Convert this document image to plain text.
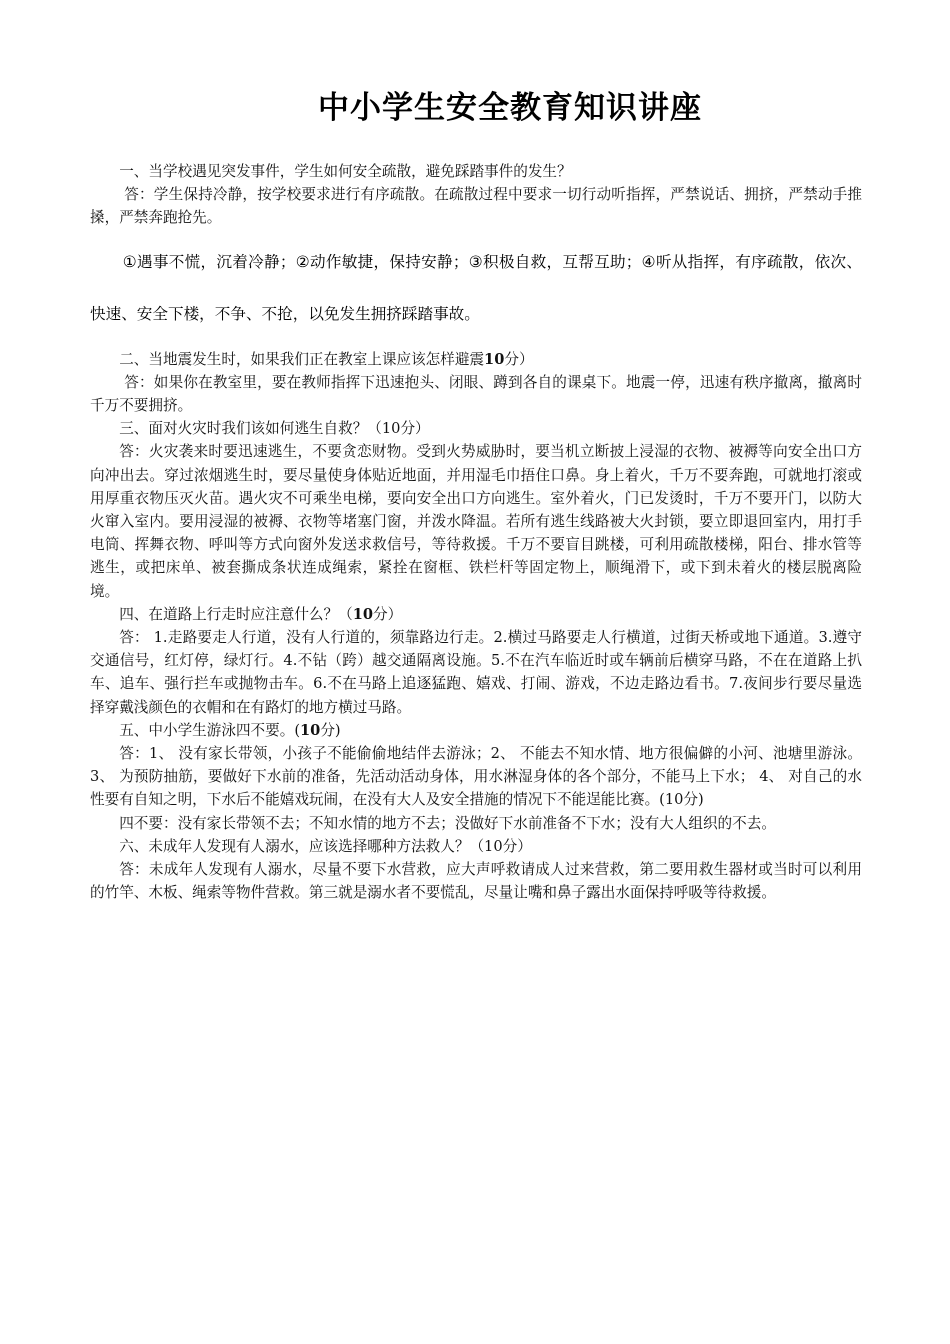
中小学生安全教育知识讲座

一、当学校遇见突发事件，学生如何安全疏散，避免踩踏事件的发生？

答：学生保持冷静，按学校要求进行有序疏散。在疏散过程中要求一切行动听指挥，严禁说话、拥挤，严禁动手推搡，严禁奔跑抢先。

①遇事不慌，沉着冷静；②动作敏捷，保持安静；③积极自救，互帮互助；④听从指挥，有序疏散，依次、快速、安全下楼，不争、不抢，以免发生拥挤踩踏事故。

二、当地震发生时，如果我们正在教室上课应该怎样避震10分）

答：如果你在教室里，要在教师指挥下迅速抱头、闭眼、蹲到各自的课桌下。地震一停，迅速有秩序撤离，撤离时千万不要拥挤。

三、面对火灾时我们该如何逃生自救？（10分）

答：火灾袭来时要迅速逃生，不要贪恋财物。受到火势威胁时，要当机立断披上浸湿的衣物、被褥等向安全出口方向冲出去。穿过浓烟逃生时，要尽量使身体贴近地面，并用湿毛巾捂住口鼻。身上着火，千万不要奔跑，可就地打滚或用厚重衣物压灭火苗。遇火灾不可乘坐电梯，要向安全出口方向逃生。室外着火，门已发烫时，千万不要开门，以防大火窜入室内。要用浸湿的被褥、衣物等堵塞门窗，并泼水降温。若所有逃生线路被大火封锁，要立即退回室内，用打手电筒、挥舞衣物、呼叫等方式向窗外发送求救信号，等待救援。千万不要盲目跳楼，可利用疏散楼梯，阳台、排水管等逃生，或把床单、被套撕成条状连成绳索，紧拴在窗框、铁栏杆等固定物上，顺绳滑下，或下到未着火的楼层脱离险境。

四、在道路上行走时应注意什么？（10分）

答： 1.走路要走人行道，没有人行道的，须靠路边行走。2.横过马路要走人行横道，过街天桥或地下通道。3.遵守交通信号，红灯停，绿灯行。4.不钻（跨）越交通隔离设施。5.不在汽车临近时或车辆前后横穿马路，不在在道路上扒车、追车、强行拦车或抛物击车。6.不在马路上追逐猛跑、嬉戏、打闹、游戏，不边走路边看书。7.夜间步行要尽量选择穿戴浅颜色的衣帽和在有路灯的地方横过马路。

五、中小学生游泳四不要。(10分)

答：1、 没有家长带领，小孩子不能偷偷地结伴去游泳；2、 不能去不知水情、地方很偏僻的小河、池塘里游泳。3、 为预防抽筋，要做好下水前的准备，先活动活动身体，用水淋湿身体的各个部分，不能马上下水； 4、 对自己的水性要有自知之明，下水后不能嬉戏玩闹，在没有大人及安全措施的情况下不能逞能比赛。(10分)

四不要：没有家长带领不去；不知水情的地方不去；没做好下水前准备不下水；没有大人组织的不去。

六、未成年人发现有人溺水，应该选择哪种方法救人？（10分）

答：未成年人发现有人溺水，尽量不要下水营救，应大声呼救请成人过来营救，第二要用救生器材或当时可以利用的竹竿、木板、绳索等物件营救。第三就是溺水者不要慌乱，尽量让嘴和鼻子露出水面保持呼吸等待救援。
